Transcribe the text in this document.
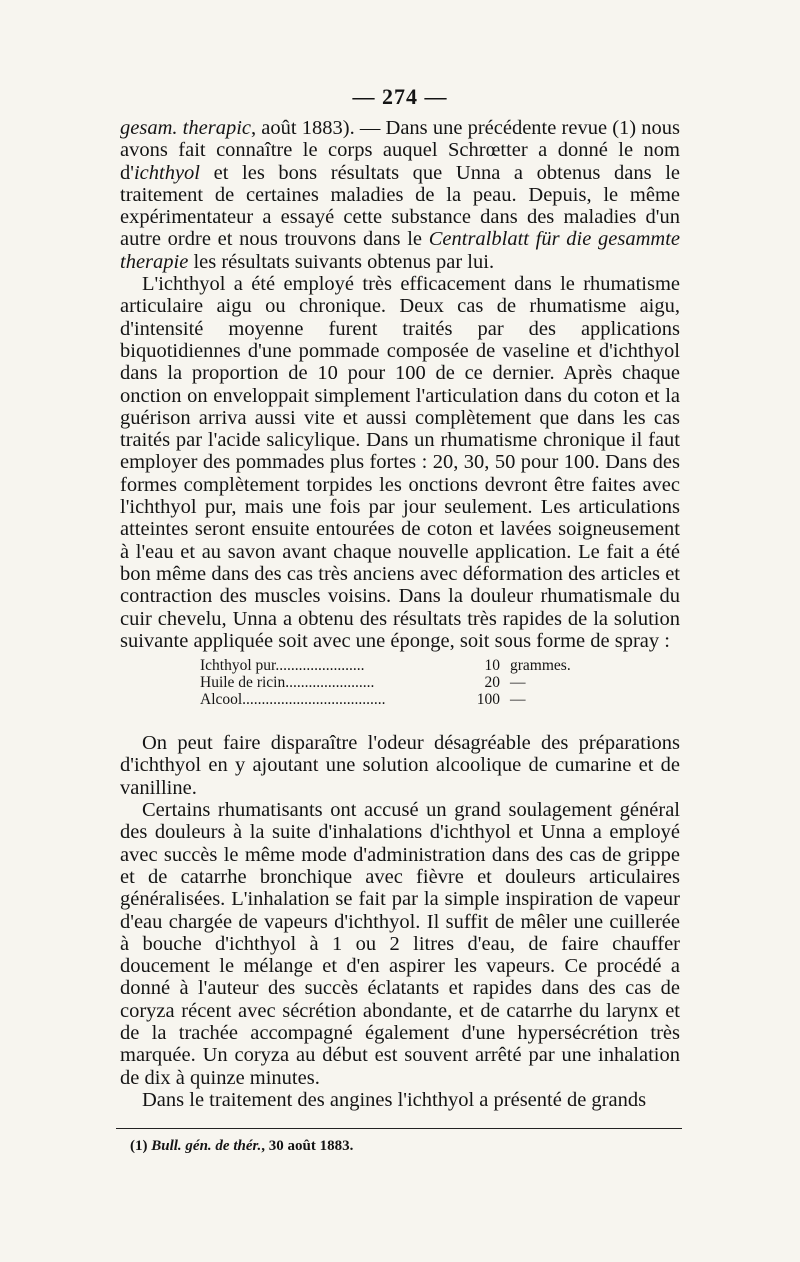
— 274 —

gesam. therapic, août 1883). — Dans une précédente revue (1) nous avons fait connaître le corps auquel Schrœtter a donné le nom d'ichthyol et les bons résultats que Unna a obtenus dans le traitement de certaines maladies de la peau. Depuis, le même expérimentateur a essayé cette substance dans des maladies d'un autre ordre et nous trouvons dans le Centralblatt für die gesammte therapie les résultats suivants obtenus par lui.

L'ichthyol a été employé très efficacement dans le rhumatisme articulaire aigu ou chronique. Deux cas de rhumatisme aigu, d'intensité moyenne furent traités par des applications biquotidiennes d'une pommade composée de vaseline et d'ichthyol dans la proportion de 10 pour 100 de ce dernier. Après chaque onction on enveloppait simplement l'articulation dans du coton et la guérison arriva aussi vite et aussi complètement que dans les cas traités par l'acide salicylique. Dans un rhumatisme chronique il faut employer des pommades plus fortes : 20, 30, 50 pour 100. Dans des formes complètement torpides les onctions devront être faites avec l'ichthyol pur, mais une fois par jour seulement. Les articulations atteintes seront ensuite entourées de coton et lavées soigneusement à l'eau et au savon avant chaque nouvelle application. Le fait a été bon même dans des cas très anciens avec déformation des articles et contraction des muscles voisins. Dans la douleur rhumatismale du cuir chevelu, Unna a obtenu des résultats très rapides de la solution suivante appliquée soit avec une éponge, soit sous forme de spray :

Ichthyol pur.......................	10 grammes.
Huile de ricin.......................	20 —
Alcool.....................................	100 —

On peut faire disparaître l'odeur désagréable des préparations d'ichthyol en y ajoutant une solution alcoolique de cumarine et de vanilline.

Certains rhumatisants ont accusé un grand soulagement général des douleurs à la suite d'inhalations d'ichthyol et Unna a employé avec succès le même mode d'administration dans des cas de grippe et de catarrhe bronchique avec fièvre et douleurs articulaires généralisées. L'inhalation se fait par la simple inspiration de vapeur d'eau chargée de vapeurs d'ichthyol. Il suffit de mêler une cuillerée à bouche d'ichthyol à 1 ou 2 litres d'eau, de faire chauffer doucement le mélange et d'en aspirer les vapeurs. Ce procédé a donné à l'auteur des succès éclatants et rapides dans des cas de coryza récent avec sécrétion abondante, et de catarrhe du larynx et de la trachée accompagné également d'une hypersécrétion très marquée. Un coryza au début est souvent arrêté par une inhalation de dix à quinze minutes.

Dans le traitement des angines l'ichthyol a présenté de grands

(1) Bull. gén. de thér., 30 août 1883.
